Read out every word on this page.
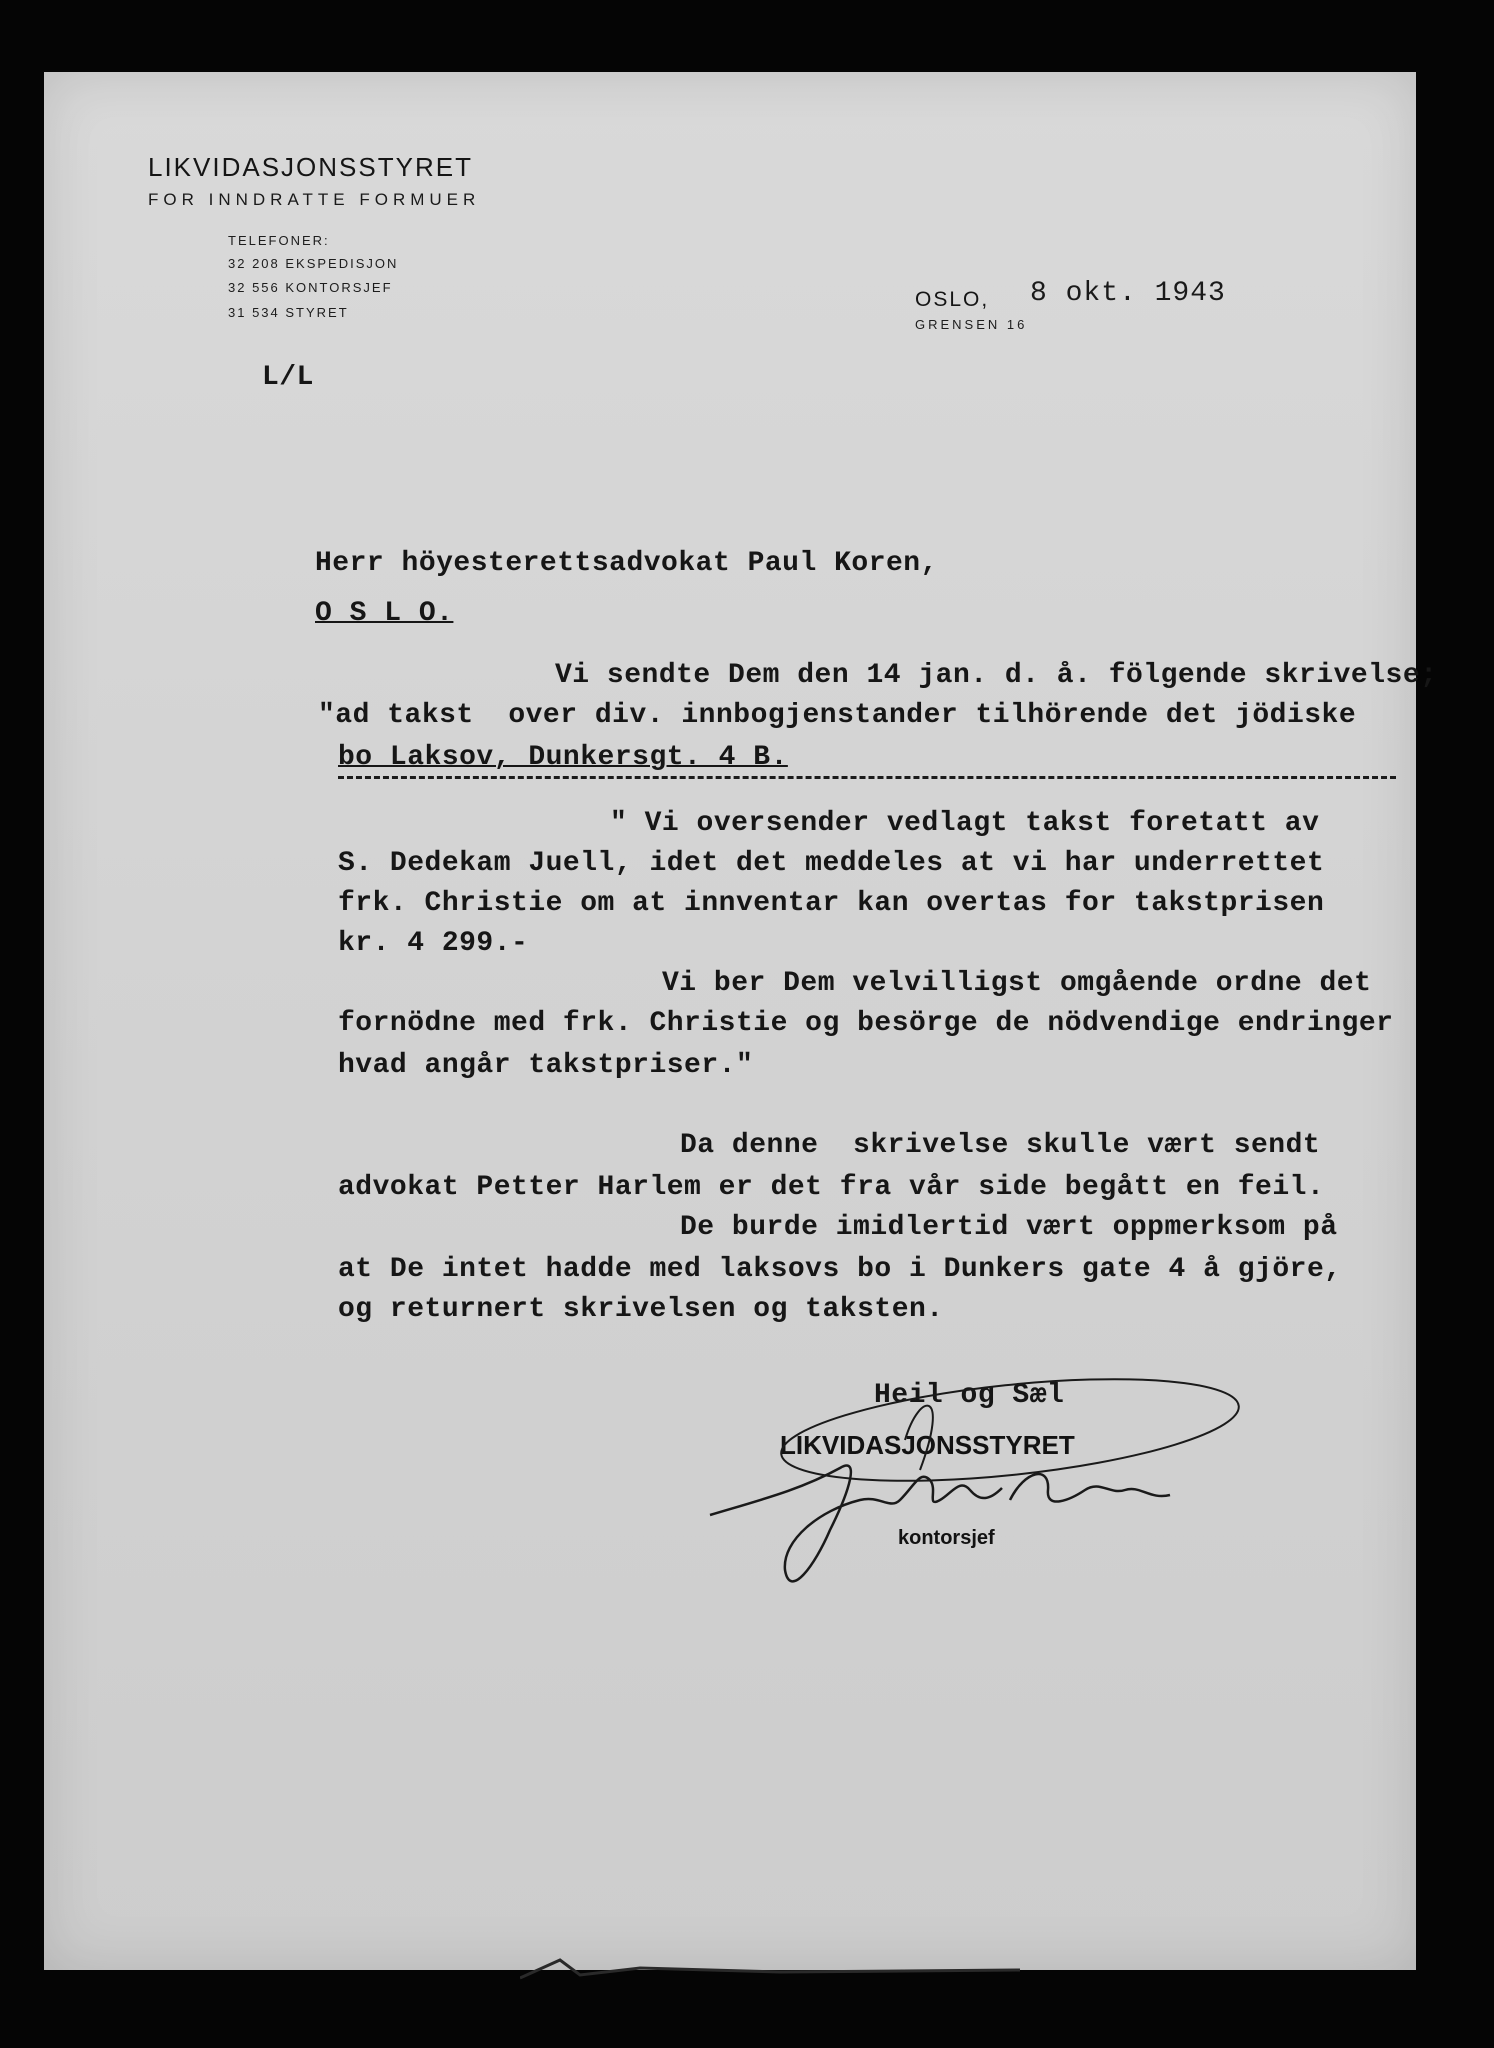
LIKVIDASJONSSTYRET
FOR INNDRATTE FORMUER
TELEFONER:
32 208 EKSPEDISJON
32 556 KONTORSJEF
31 534 STYRET
OSLO, 8 okt. 1943
GRENSEN 16
L/L
Herr höyesterettsadvokat Paul Koren,
O S L O.
Vi sendte Dem den 14 jan. d. å. fölgende skrivelse;
"ad takst  over div. innbogjenstander tilhörende det jödiske
bo Laksov, Dunkersgt. 4 B.
" Vi oversender vedlagt takst foretatt av
S. Dedekam Juell, idet det meddeles at vi har underrettet
frk. Christie om at innventar kan overtas for takstprisen
kr. 4 299.-
Vi ber Dem velvilligst omgående ordne det
fornödne med frk. Christie og besörge de nödvendige endringer
hvad angår takstpriser."
Da denne  skrivelse skulle vært sendt
advokat Petter Harlem er det fra vår side begått en feil.
De burde imidlertid vært oppmerksom på
at De intet hadde med laksovs bo i Dunkers gate 4 å gjöre,
og returnert skrivelsen og taksten.
Heil og Sæl
LIKVIDASJONSSTYRET
kontorsjef
